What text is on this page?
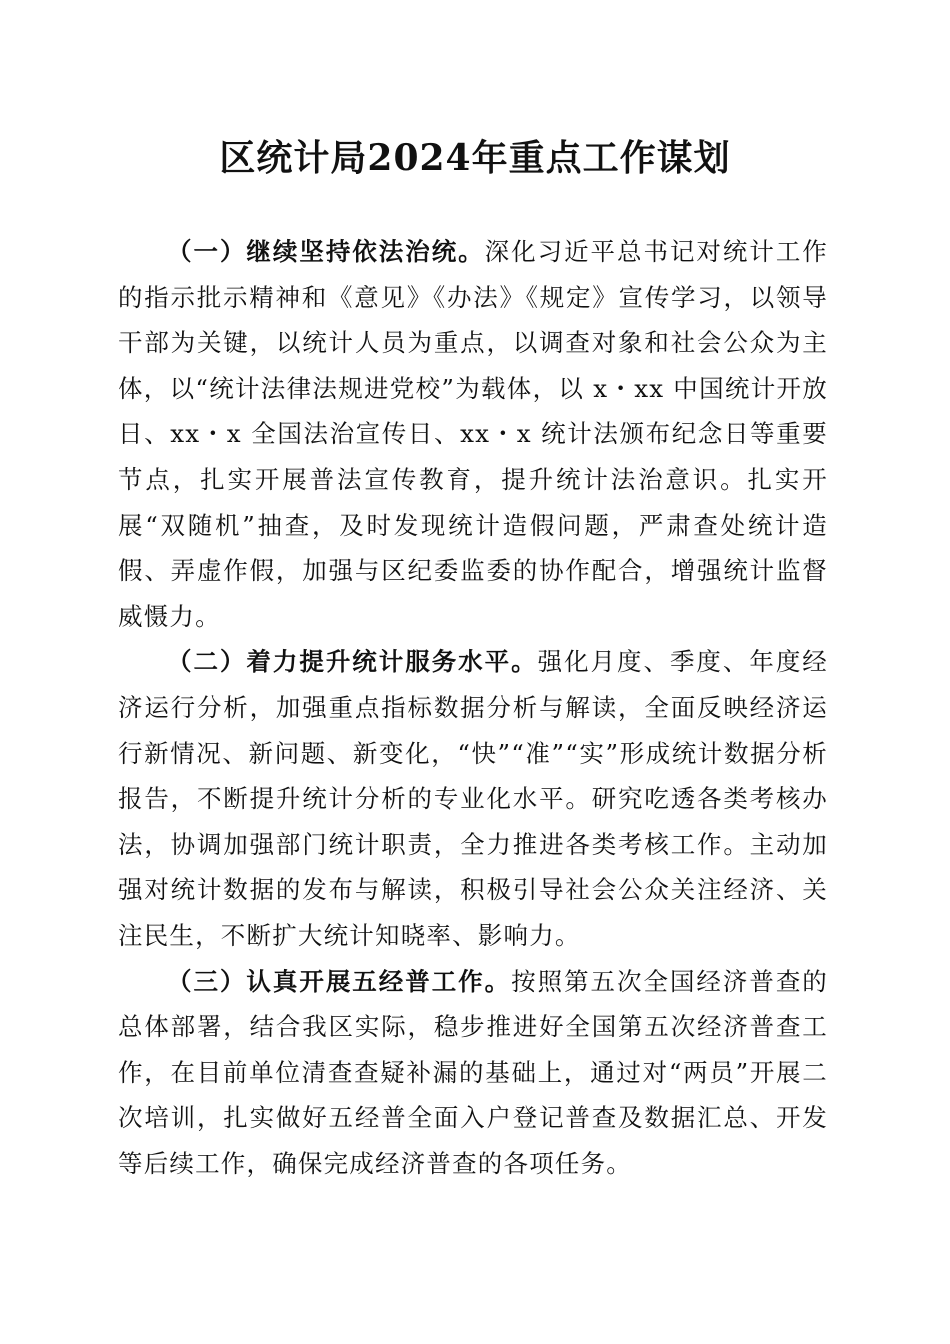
区统计局2024年重点工作谋划

（一）继续坚持依法治统。深化习近平总书记对统计工作的指示批示精神和《意见》《办法》《规定》宣传学习，以领导干部为关键，以统计人员为重点，以调查对象和社会公众为主体，以“统计法律法规进党校”为载体，以 x・xx 中国统计开放日、xx・x 全国法治宣传日、xx・x 统计法颁布纪念日等重要节点，扎实开展普法宣传教育，提升统计法治意识。扎实开展“双随机”抽查，及时发现统计造假问题，严肃查处统计造假、弄虚作假，加强与区纪委监委的协作配合，增强统计监督威慑力。

（二）着力提升统计服务水平。强化月度、季度、年度经济运行分析，加强重点指标数据分析与解读，全面反映经济运行新情况、新问题、新变化，“快”“准”“实”形成统计数据分析报告，不断提升统计分析的专业化水平。研究吃透各类考核办法，协调加强部门统计职责，全力推进各类考核工作。主动加强对统计数据的发布与解读，积极引导社会公众关注经济、关注民生，不断扩大统计知晓率、影响力。

（三）认真开展五经普工作。按照第五次全国经济普查的总体部署，结合我区实际，稳步推进好全国第五次经济普查工作，在目前单位清查查疑补漏的基础上，通过对“两员”开展二次培训，扎实做好五经普全面入户登记普查及数据汇总、开发等后续工作，确保完成经济普查的各项任务。
